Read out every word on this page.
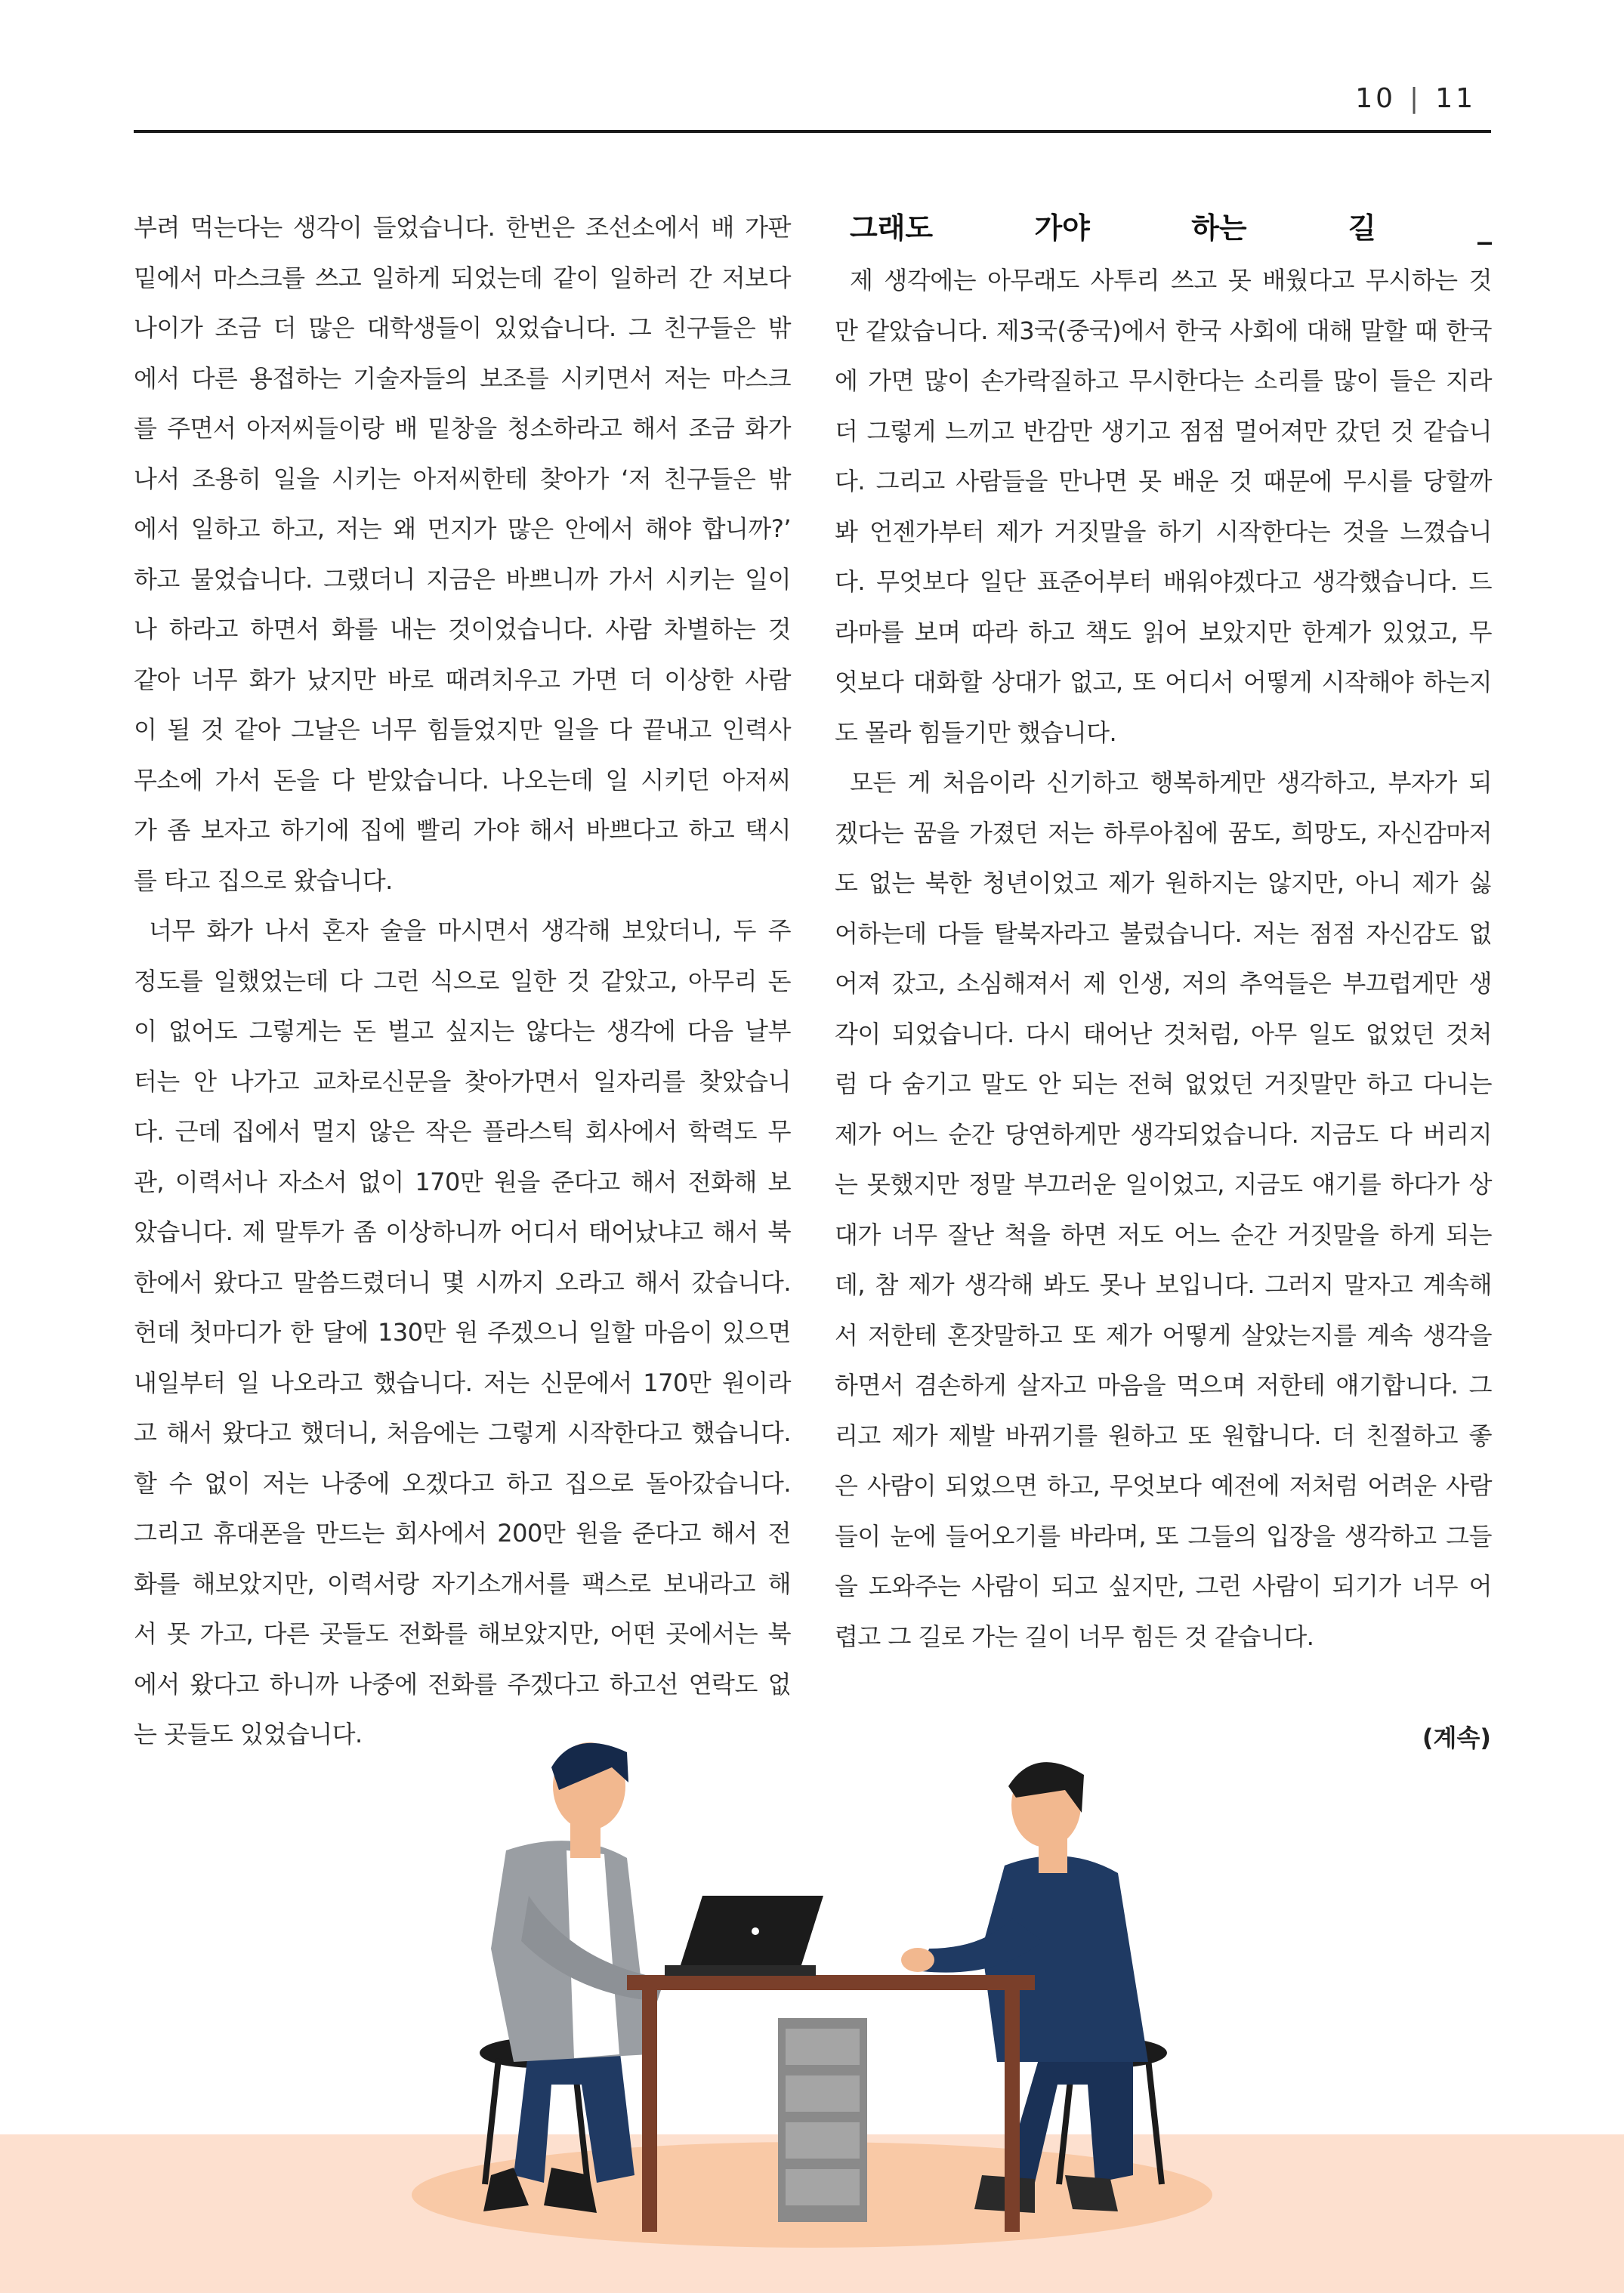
10 | 11

부려 먹는다는 생각이 들었습니다. 한번은 조선소에서 배 가판
밑에서 마스크를 쓰고 일하게 되었는데 같이 일하러 간 저보다
나이가 조금 더 많은 대학생들이 있었습니다. 그 친구들은 밖
에서 다른 용접하는 기술자들의 보조를 시키면서 저는 마스크
를 주면서 아저씨들이랑 배 밑창을 청소하라고 해서 조금 화가
나서 조용히 일을 시키는 아저씨한테 찾아가 ‘저 친구들은 밖
에서 일하고 하고, 저는 왜 먼지가 많은 안에서 해야 합니까?’
하고 물었습니다. 그랬더니 지금은 바쁘니까 가서 시키는 일이
나 하라고 하면서 화를 내는 것이었습니다. 사람 차별하는 것
같아 너무 화가 났지만 바로 때려치우고 가면 더 이상한 사람
이 될 것 같아 그날은 너무 힘들었지만 일을 다 끝내고 인력사
무소에 가서 돈을 다 받았습니다. 나오는데 일 시키던 아저씨
가 좀 보자고 하기에 집에 빨리 가야 해서 바쁘다고 하고 택시
를 타고 집으로 왔습니다.
너무 화가 나서 혼자 술을 마시면서 생각해 보았더니, 두 주
정도를 일했었는데 다 그런 식으로 일한 것 같았고, 아무리 돈
이 없어도 그렇게는 돈 벌고 싶지는 않다는 생각에 다음 날부
터는 안 나가고 교차로신문을 찾아가면서 일자리를 찾았습니
다. 근데 집에서 멀지 않은 작은 플라스틱 회사에서 학력도 무
관, 이력서나 자소서 없이 170만 원을 준다고 해서 전화해 보
았습니다. 제 말투가 좀 이상하니까 어디서 태어났냐고 해서 북
한에서 왔다고 말씀드렸더니 몇 시까지 오라고 해서 갔습니다.
헌데 첫마디가 한 달에 130만 원 주겠으니 일할 마음이 있으면
내일부터 일 나오라고 했습니다. 저는 신문에서 170만 원이라
고 해서 왔다고 했더니, 처음에는 그렇게 시작한다고 했습니다.
할 수 없이 저는 나중에 오겠다고 하고 집으로 돌아갔습니다.
그리고 휴대폰을 만드는 회사에서 200만 원을 준다고 해서 전
화를 해보았지만, 이력서랑 자기소개서를 팩스로 보내라고 해
서 못 가고, 다른 곳들도 전화를 해보았지만, 어떤 곳에서는 북
에서 왔다고 하니까 나중에 전화를 주겠다고 하고선 연락도 없
는 곳들도 있었습니다.

그래도 가야 하는 길 _

제 생각에는 아무래도 사투리 쓰고 못 배웠다고 무시하는 것
만 같았습니다. 제3국(중국)에서 한국 사회에 대해 말할 때 한국
에 가면 많이 손가락질하고 무시한다는 소리를 많이 들은 지라
더 그렇게 느끼고 반감만 생기고 점점 멀어져만 갔던 것 같습니
다. 그리고 사람들을 만나면 못 배운 것 때문에 무시를 당할까
봐 언젠가부터 제가 거짓말을 하기 시작한다는 것을 느꼈습니
다. 무엇보다 일단 표준어부터 배워야겠다고 생각했습니다. 드
라마를 보며 따라 하고 책도 읽어 보았지만 한계가 있었고, 무
엇보다 대화할 상대가 없고, 또 어디서 어떻게 시작해야 하는지
도 몰라 힘들기만 했습니다.
모든 게 처음이라 신기하고 행복하게만 생각하고, 부자가 되
겠다는 꿈을 가졌던 저는 하루아침에 꿈도, 희망도, 자신감마저
도 없는 북한 청년이었고 제가 원하지는 않지만, 아니 제가 싫
어하는데 다들 탈북자라고 불렀습니다. 저는 점점 자신감도 없
어져 갔고, 소심해져서 제 인생, 저의 추억들은 부끄럽게만 생
각이 되었습니다. 다시 태어난 것처럼, 아무 일도 없었던 것처
럼 다 숨기고 말도 안 되는 전혀 없었던 거짓말만 하고 다니는
제가 어느 순간 당연하게만 생각되었습니다. 지금도 다 버리지
는 못했지만 정말 부끄러운 일이었고, 지금도 얘기를 하다가 상
대가 너무 잘난 척을 하면 저도 어느 순간 거짓말을 하게 되는
데, 참 제가 생각해 봐도 못나 보입니다. 그러지 말자고 계속해
서 저한테 혼잣말하고 또 제가 어떻게 살았는지를 계속 생각을
하면서 겸손하게 살자고 마음을 먹으며 저한테 얘기합니다. 그
리고 제가 제발 바뀌기를 원하고 또 원합니다. 더 친절하고 좋
은 사람이 되었으면 하고, 무엇보다 예전에 저처럼 어려운 사람
들이 눈에 들어오기를 바라며, 또 그들의 입장을 생각하고 그들
을 도와주는 사람이 되고 싶지만, 그런 사람이 되기가 너무 어
렵고 그 길로 가는 길이 너무 힘든 것 같습니다.

(계속)
